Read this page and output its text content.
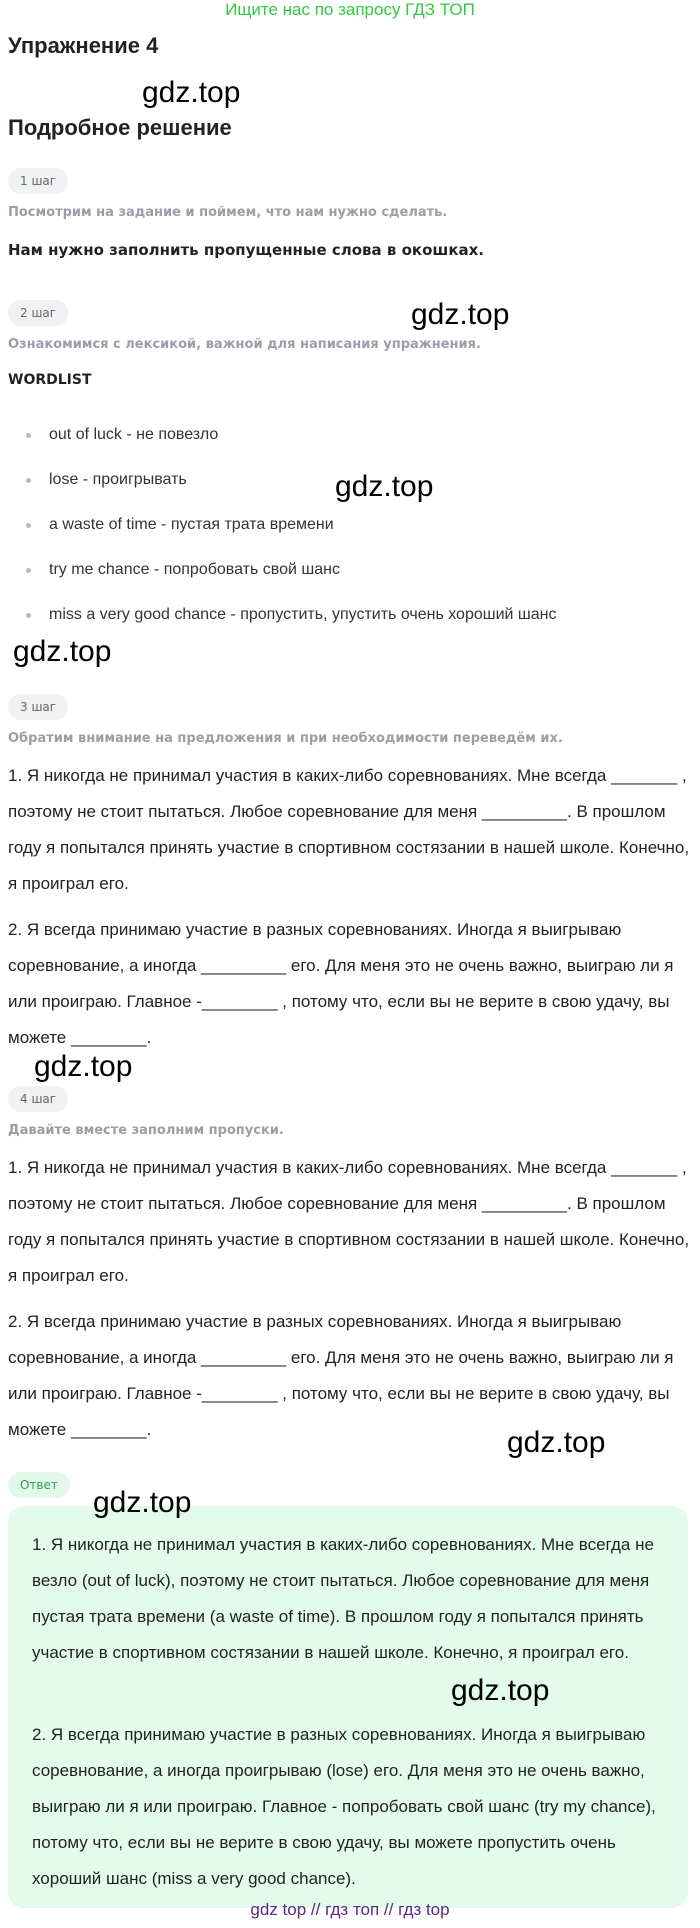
Ищите нас по запросу ГДЗ ТОП
Упражнение 4
gdz.top
Подробное решение
1 шаг
Посмотрим на задание и поймем, что нам нужно сделать.
Нам нужно заполнить пропущенные слова в окошках.
2 шаг	gdz.top
Ознакомимся с лексикой, важной для написания упражнения.
WORDLIST
out of luck - не повезло
lose - проигрывать
a waste of time - пустая трата времени
try me chance - попробовать свой шанс
miss a very good chance - пропустить, упустить очень хороший шанс
gdz.top
gdz.top
3 шаг
Обратим внимание на предложения и при необходимости переведём их.

1. Я никогда не принимал участия в каких-либо соревнованиях. Мне всегда _______ , поэтому не стоит пытаться. Любое соревнование для меня _________. В прошлом году я попытался принять участие в спортивном состязании в нашей школе. Конечно, я проиграл его.

2. Я всегда принимаю участие в разных соревнованиях. Иногда я выигрываю соревнование, а иногда _________ его. Для меня это не очень важно, выиграю ли я или проиграю. Главное -________ , потому что, если вы не верите в свою удачу, вы можете ________.

gdz.top
4 шаг
Давайте вместе заполним пропуски.

1. Я никогда не принимал участия в каких-либо соревнованиях. Мне всегда _______ , поэтому не стоит пытаться. Любое соревнование для меня _________. В прошлом году я попытался принять участие в спортивном состязании в нашей школе. Конечно, я проиграл его.

2. Я всегда принимаю участие в разных соревнованиях. Иногда я выигрываю соревнование, а иногда _________ его. Для меня это не очень важно, выиграю ли я или проиграю. Главное -________ , потому что, если вы не верите в свою удачу, вы можете ________.	gdz.top
Ответ
gdz.top

1. Я никогда не принимал участия в каких-либо соревнованиях. Мне всегда не везло (out of luck), поэтому не стоит пытаться. Любое соревнование для меня пустая трата времени (a waste of time). В прошлом году я попытался принять участие в спортивном состязании в нашей школе. Конечно, я проиграл его.

gdz.top

2. Я всегда принимаю участие в разных соревнованиях. Иногда я выигрываю соревнование, а иногда проигрываю (lose) его. Для меня это не очень важно, выиграю ли я или проиграю. Главное - попробовать свой шанс (try my chance), потому что, если вы не верите в свою удачу, вы можете пропустить очень хороший шанс (miss a very good chance).

gdz top // гдз топ // гдз top
